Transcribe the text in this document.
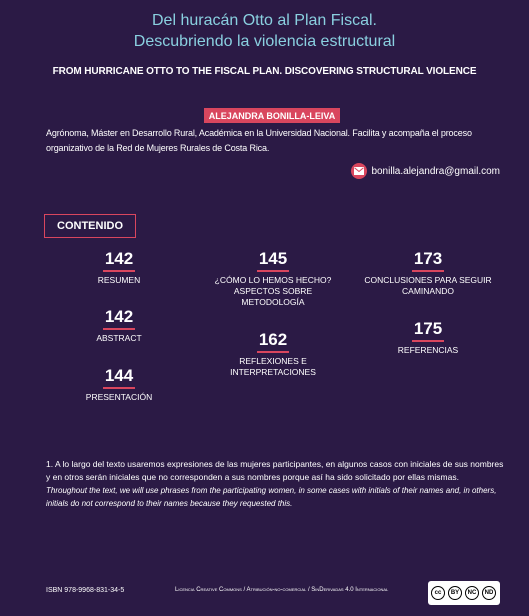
Del huracán Otto al Plan Fiscal.
Descubriendo la violencia estructural
FROM HURRICANE OTTO TO THE FISCAL PLAN. DISCOVERING STRUCTURAL VIOLENCE
ALEJANDRA BONILLA-LEIVA
Agrónoma, Máster en Desarrollo Rural, Académica en la Universidad Nacional. Facilita y acompaña el proceso organizativo de la Red de Mujeres Rurales de Costa Rica.
bonilla.alejandra@gmail.com
CONTENIDO
142
RESUMEN
142
ABSTRACT
144
PRESENTACIÓN
145
¿CÓMO LO HEMOS HECHO? ASPECTOS SOBRE METODOLOGÍA
162
REFLEXIONES E INTERPRETACIONES
173
CONCLUSIONES PARA SEGUIR CAMINANDO
175
REFERENCIAS
1. A lo largo del texto usaremos expresiones de las mujeres participantes, en algunos casos con iniciales de sus nombres y en otros serán iniciales que no corresponden a sus nombres porque así ha sido solicitado por ellas mismas.
Throughout the text, we will use phrases from the participating women, in some cases with initials of their names and, in others, initials do not correspond to their names because they requested this.
ISBN 978-9968-831-34-5	Licencia Creative Commons / Atribución-no-comercial / SinDerivadas 4.0 Internacional	cc	BY	NC	ND
